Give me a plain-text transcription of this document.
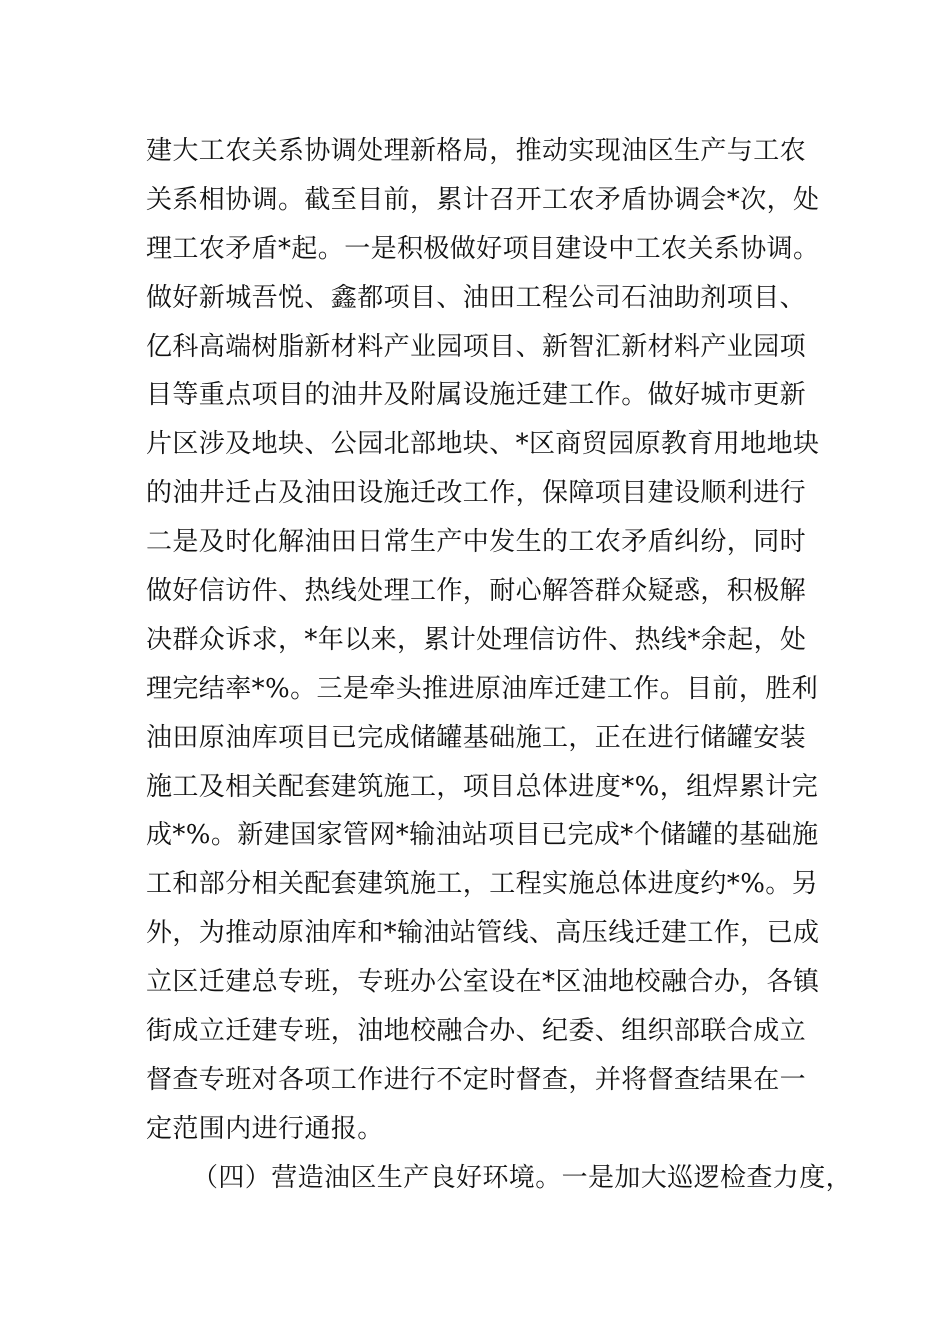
建大工农关系协调处理新格局，推动实现油区生产与工农
关系相协调。截至目前，累计召开工农矛盾协调会*次，处
理工农矛盾*起。一是积极做好项目建设中工农关系协调。
做好新城吾悦、鑫都项目、油田工程公司石油助剂项目、
亿科高端树脂新材料产业园项目、新智汇新材料产业园项
目等重点项目的油井及附属设施迁建工作。做好城市更新
片区涉及地块、公园北部地块、*区商贸园原教育用地地块
的油井迁占及油田设施迁改工作，保障项目建设顺利进行
二是及时化解油田日常生产中发生的工农矛盾纠纷，同时
做好信访件、热线处理工作，耐心解答群众疑惑，积极解
决群众诉求，*年以来，累计处理信访件、热线*余起，处
理完结率*%。三是牵头推进原油库迁建工作。目前，胜利
油田原油库项目已完成储罐基础施工，正在进行储罐安装
施工及相关配套建筑施工，项目总体进度*%，组焊累计完
成*%。新建国家管网*输油站项目已完成*个储罐的基础施
工和部分相关配套建筑施工，工程实施总体进度约*%。另
外，为推动原油库和*输油站管线、高压线迁建工作，已成
立区迁建总专班，专班办公室设在*区油地校融合办，各镇
街成立迁建专班，油地校融合办、纪委、组织部联合成立
督查专班对各项工作进行不定时督查，并将督查结果在一
定范围内进行通报。
（四）营造油区生产良好环境。一是加大巡逻检查力度，
